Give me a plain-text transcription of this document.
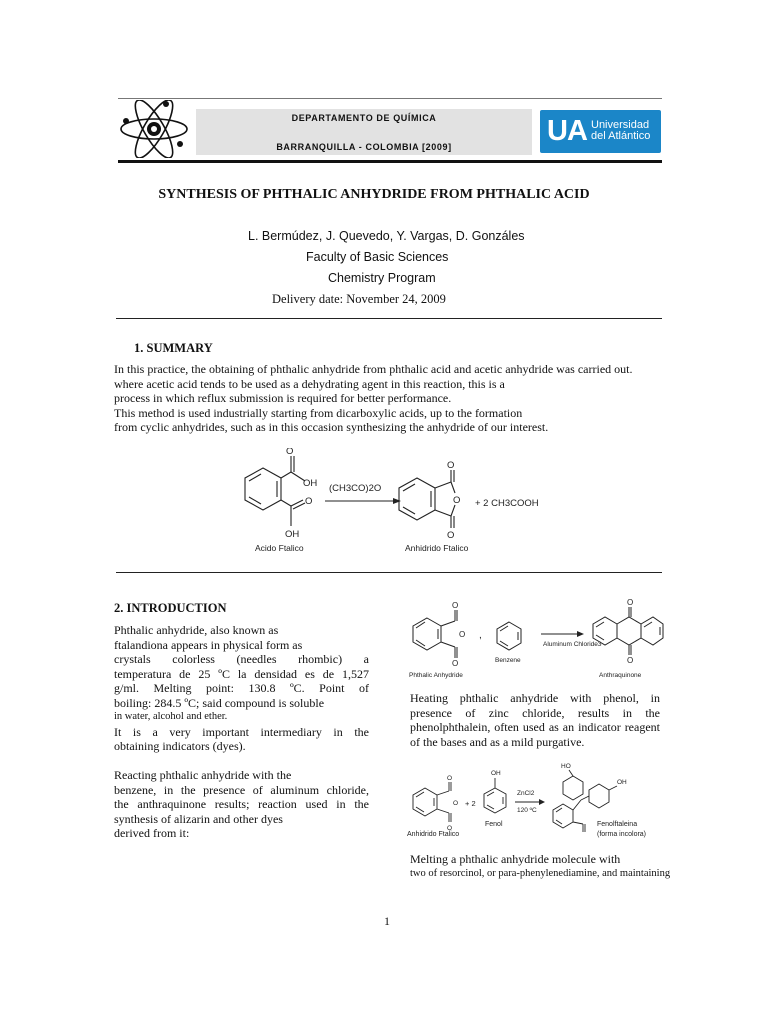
DEPARTAMENTO DE QUÍMICA
BARRANQUILLA - COLOMBIA [2009]	UA Universidad
del Atlántico
SYNTHESIS OF PHTHALIC ANHYDRIDE FROM PHTHALIC ACID
L. Bermúdez, J. Quevedo, Y. Vargas, D. Gonzáles
Faculty of Basic Sciences
Chemistry Program
Delivery date: November 24, 2009
1. SUMMARY
In this practice, the obtaining of phthalic anhydride from phthalic acid and acetic anhydride was carried out.
where acetic acid tends to be used as a dehydrating agent in this reaction, this is a
process in which reflux submission is required for better performance.
This method is used industrially starting from dicarboxylic acids, up to the formation
from cyclic anhydrides, such as in this occasion synthesizing the anhydride of our interest.
O
OH
OH
O
(CH3CO)2O
O
O
O
+ 2 CH3COOH
Acido Ftalico	Anhidrido Ftalico
2. INTRODUCTION
Phthalic anhydride, also known as
ftalandiona appears in physical form as
crystals colorless (needles rhombic) a
temperatura de 25 ºC la densidad es de 1,527
g/ml. Melting point: 130.8 ºC. Point of
boiling: 284.5 ºC; said compound is soluble
in water, alcohol and ether.
It is a very important intermediary in the
obtaining indicators (dyes).
Reacting phthalic anhydride with the
benzene, in the presence of aluminum chloride,
the anthraquinone results; reaction used in the
synthesis of alizarin and other dyes
derived from it:
O
O
O
,
O
O
Aluminum Chloride3
Phthalic Anhydride
Benzene
Anthraquinone
Heating phthalic anhydride with phenol, in
presence of zinc chloride, results in the
phenolphthalein, often used as an indicator reagent
of the bases and as a mild purgative.
O
O
O
+ 2
OH
ZnCl2
120 ºC
HO
OH
Anhidrido Ftalico
Fenol	Fenolftaleina
(forma incolora)
Melting a phthalic anhydride molecule with
two of resorcinol, or para-phenylenediamine, and maintaining
1
